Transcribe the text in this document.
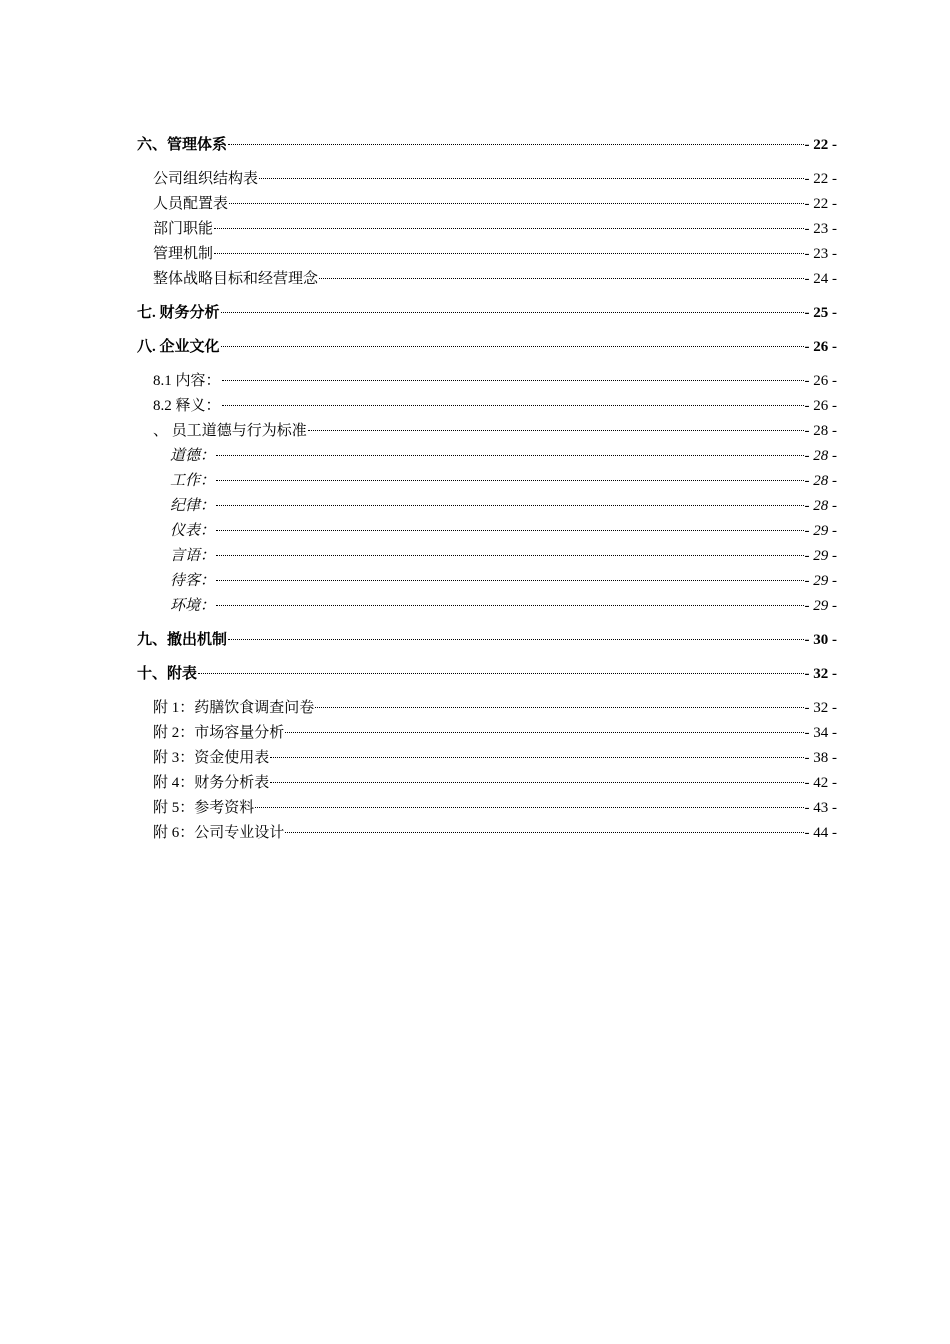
六、管理体系	- 22 -
公司组织结构表	- 22 -
人员配置表	- 22 -
部门职能	- 23 -
管理机制	- 23 -
整体战略目标和经营理念	- 24 -
七. 财务分析	- 25 -
八. 企业文化	- 26 -
8.1 内容：	- 26 -
8.2 释义：	- 26 -
、 员工道德与行为标准	- 28 -
道德：	- 28 -
工作：	- 28 -
纪律：	- 28 -
仪表：	- 29 -
言语：	- 29 -
待客：	- 29 -
环境：	- 29 -
九、撤出机制	- 30 -
十、附表	- 32 -
附 1：药膳饮食调查问卷	- 32 -
附 2：市场容量分析	- 34 -
附 3：资金使用表	- 38 -
附 4：财务分析表	- 42 -
附 5：参考资料	- 43 -
附 6：公司专业设计	- 44 -
